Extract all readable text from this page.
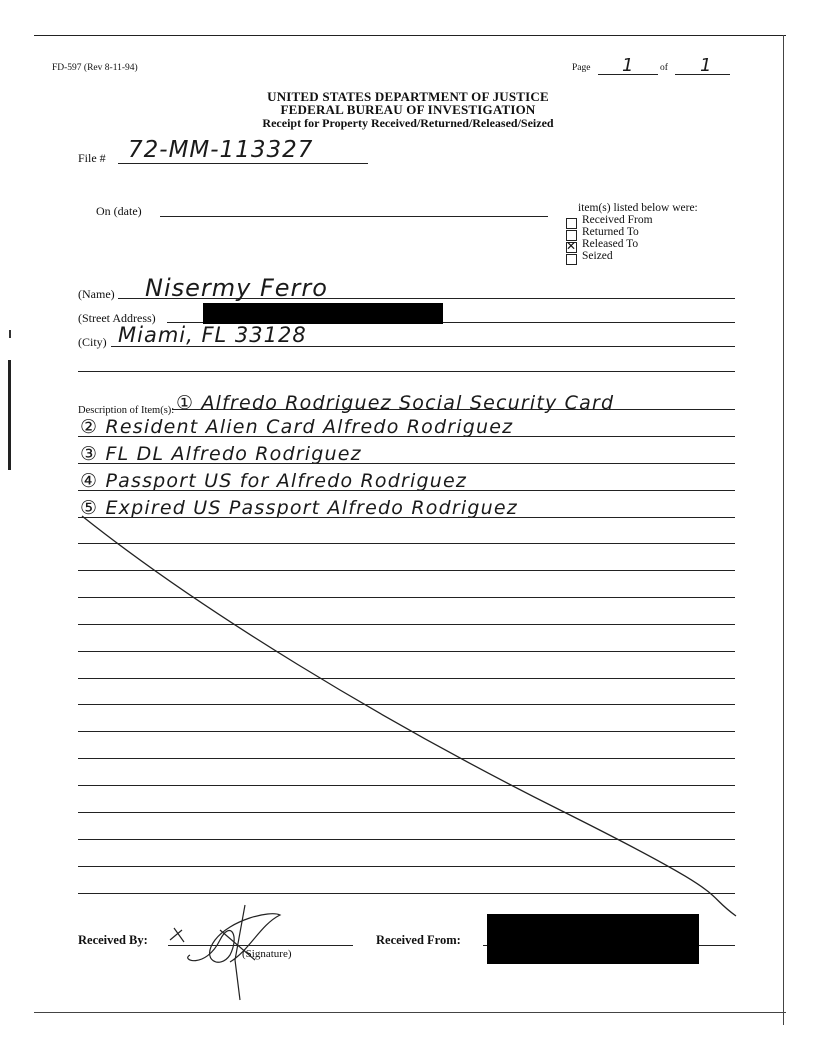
FD-597 (Rev 8-11-94)	Page 1	of 1
UNITED STATES DEPARTMENT OF JUSTICE
FEDERAL BUREAU OF INVESTIGATION
Receipt for Property Received/Returned/Released/Seized
File # 72-MM-113327
On (date)	item(s) listed below were:
Received From
Returned To
✕
Released To
Seized
(Name) Nisermy Ferro
(Street Address)
(City) Miami, FL 33128
Description of Item(s): ① Alfredo Rodriguez Social Security Card
② Resident Alien Card Alfredo Rodriguez
③ FL DL Alfredo Rodriguez
④ Passport US for Alfredo Rodriguez
⑤ Expired US Passport Alfredo Rodriguez
Received By:
(Signature)
Received From:
